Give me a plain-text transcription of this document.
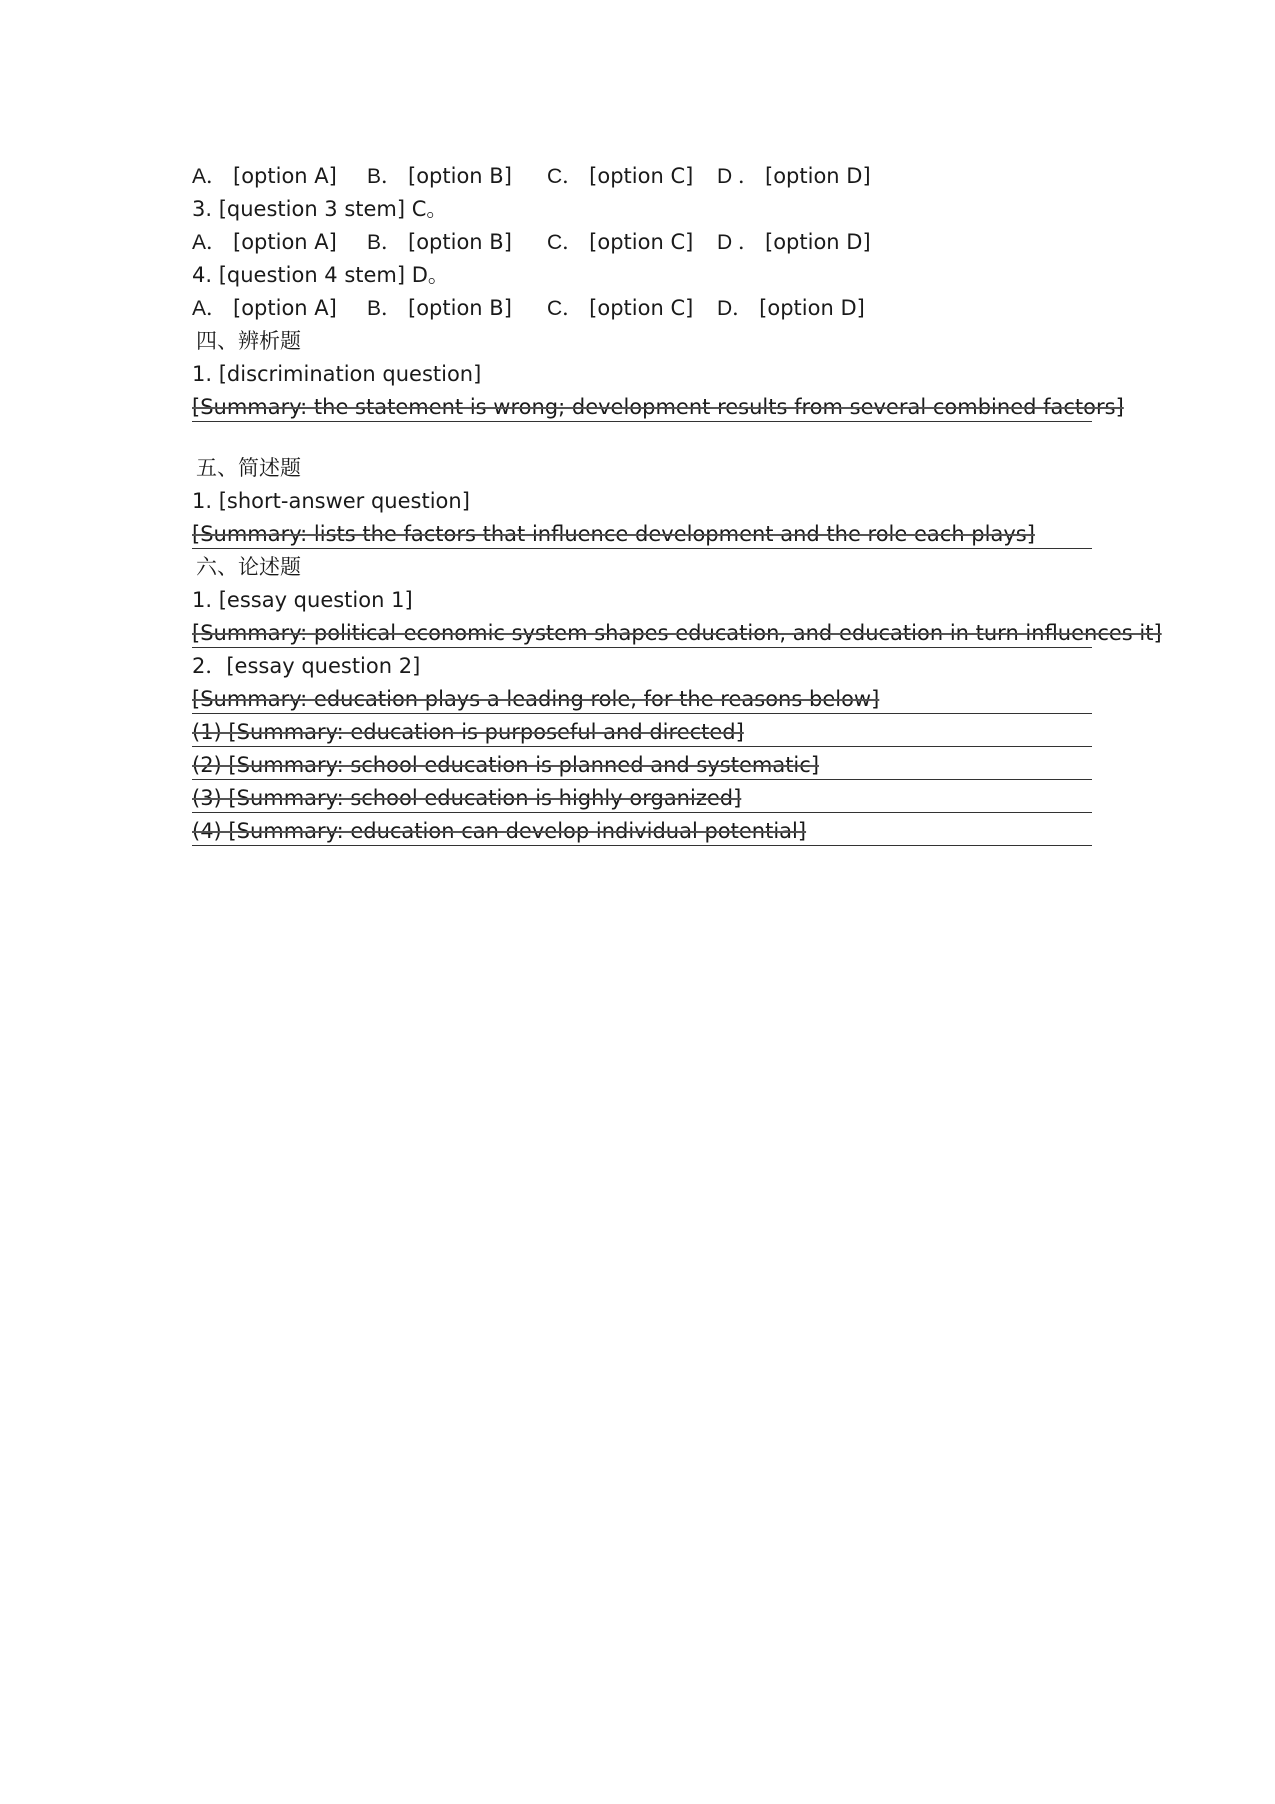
A． [option A]	B． [option B]	C． [option C]	D ． [option D]
3. [question 3 stem] C。
A． [option A]	B． [option B]	C． [option C]	D ． [option D]
4. [question 4 stem] D。
A． [option A]	B． [option B]	C． [option C]	D． [option D]
四、辨析题
1. [discrimination question]
[Summary: the statement is wrong; development results from several combined factors]
五、简述题
1. [short-answer question]
[Summary: lists the factors that influence development and the role each plays]
六、论述题
1. [essay question 1]
[Summary: political-economic system shapes education, and education in turn influences it]
2．[essay question 2]
[Summary: education plays a leading role, for the reasons below]
(1) [Summary: education is purposeful and directed]
(2) [Summary: school education is planned and systematic]
(3) [Summary: school education is highly organized]
(4) [Summary: education can develop individual potential]
